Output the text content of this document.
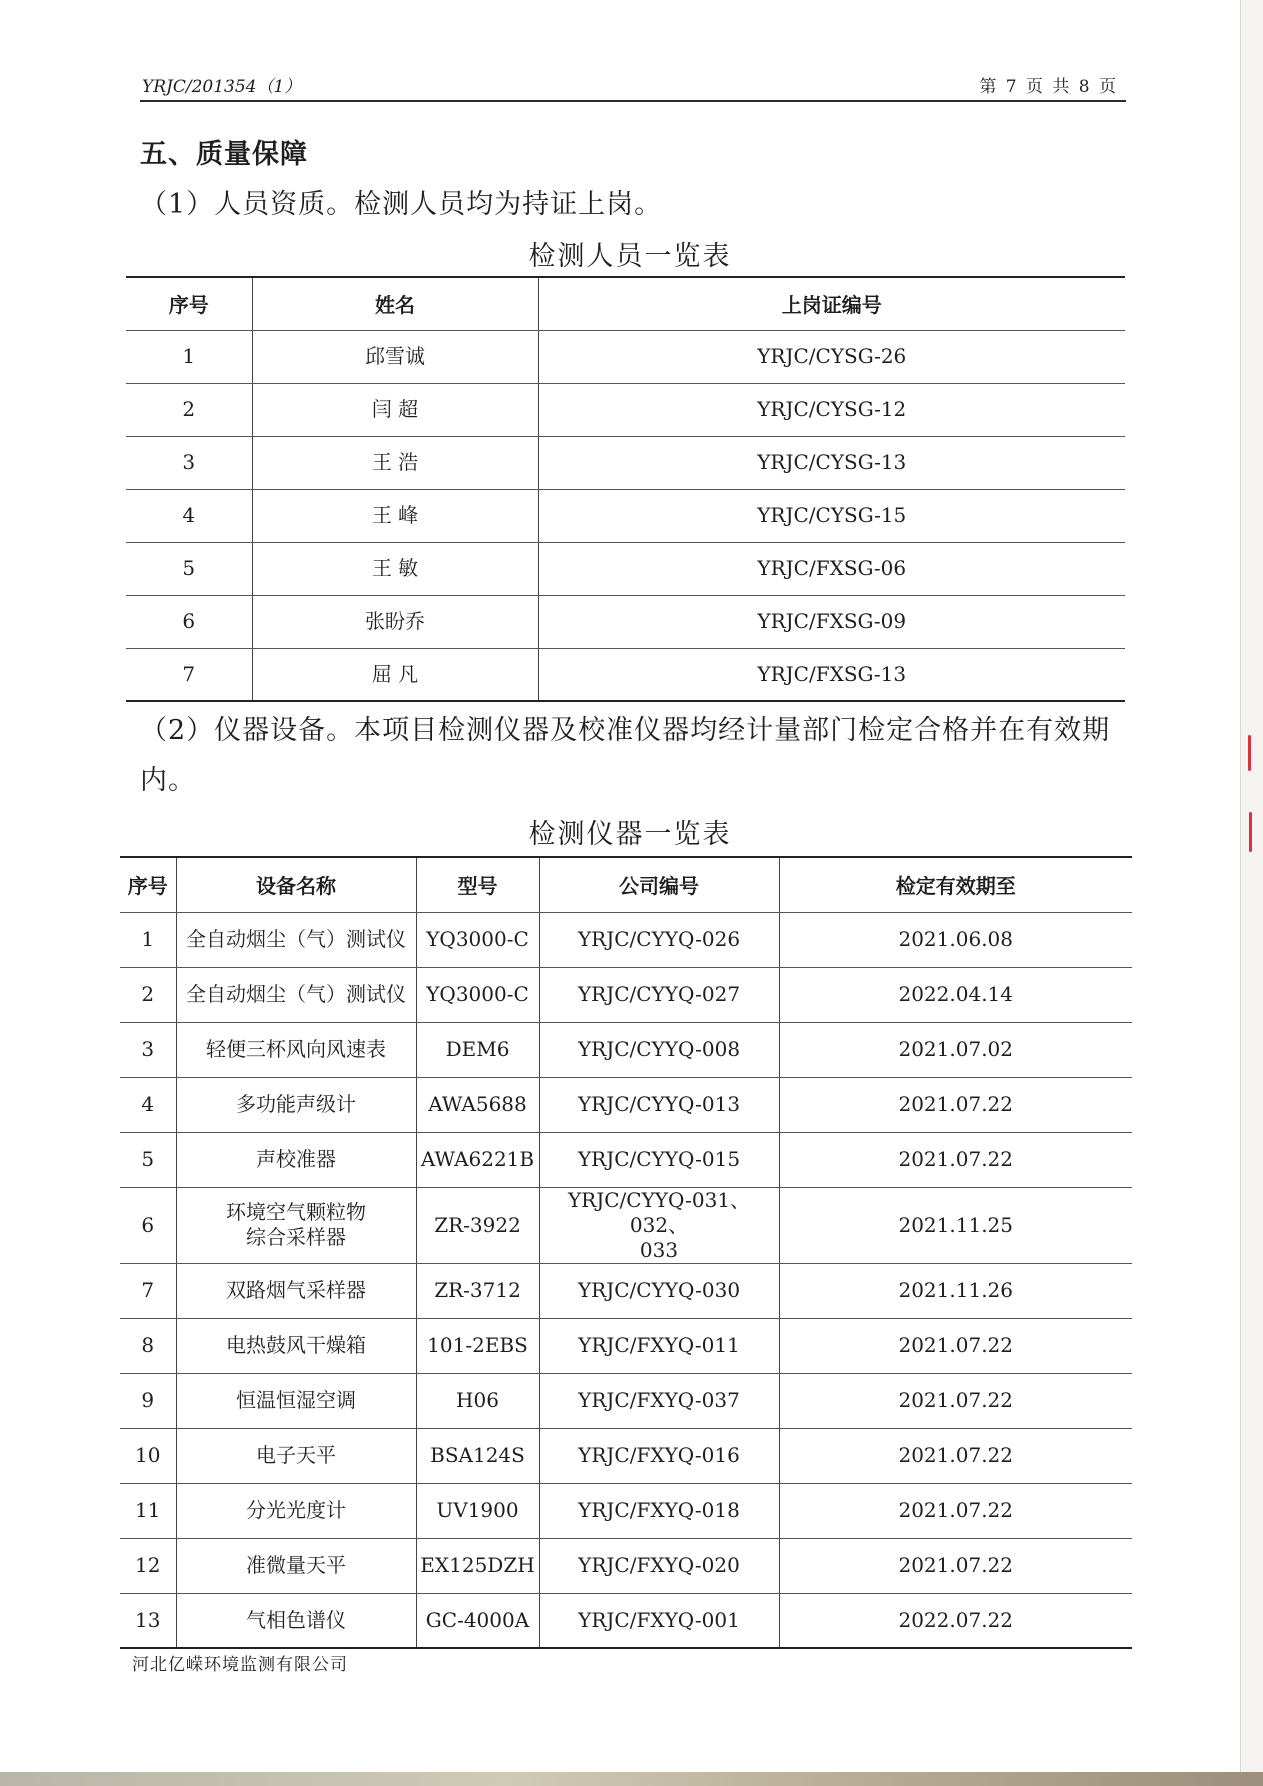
YRJC/201354（1）	第 7 页 共 8 页
五、质量保障
（1）人员资质。检测人员均为持证上岗。
检测人员一览表
序号	姓名	上岗证编号

1	邱雪诚	YRJC/CYSG-26

2	闫 超	YRJC/CYSG-12

3	王 浩	YRJC/CYSG-13

4	王 峰	YRJC/CYSG-15

5	王 敏	YRJC/FXSG-06

6	张盼乔	YRJC/FXSG-09

7	屈 凡	YRJC/FXSG-13
（2）仪器设备。本项目检测仪器及校准仪器均经计量部门检定合格并在有效期内。
检测仪器一览表
序号	设备名称	型号	公司编号	检定有效期至

1	全自动烟尘（气）测试仪	YQ3000-C	YRJC/CYYQ-026	2021.06.08

2	全自动烟尘（气）测试仪	YQ3000-C	YRJC/CYYQ-027	2022.04.14

3	轻便三杯风向风速表	DEM6	YRJC/CYYQ-008	2021.07.02

4	多功能声级计	AWA5688	YRJC/CYYQ-013	2021.07.22

5	声校准器	AWA6221B	YRJC/CYYQ-015	2021.07.22

6	环境空气颗粒物
综合采样器	ZR-3922	YRJC/CYYQ-031、032、
033	2021.11.25

7	双路烟气采样器	ZR-3712	YRJC/CYYQ-030	2021.11.26

8	电热鼓风干燥箱	101-2EBS	YRJC/FXYQ-011	2021.07.22

9	恒温恒湿空调	H06	YRJC/FXYQ-037	2021.07.22

10	电子天平	BSA124S	YRJC/FXYQ-016	2021.07.22

11	分光光度计	UV1900	YRJC/FXYQ-018	2021.07.22

12	准微量天平	EX125DZH	YRJC/FXYQ-020	2021.07.22

13	气相色谱仪	GC-4000A	YRJC/FXYQ-001	2022.07.22
河北亿嵘环境监测有限公司
